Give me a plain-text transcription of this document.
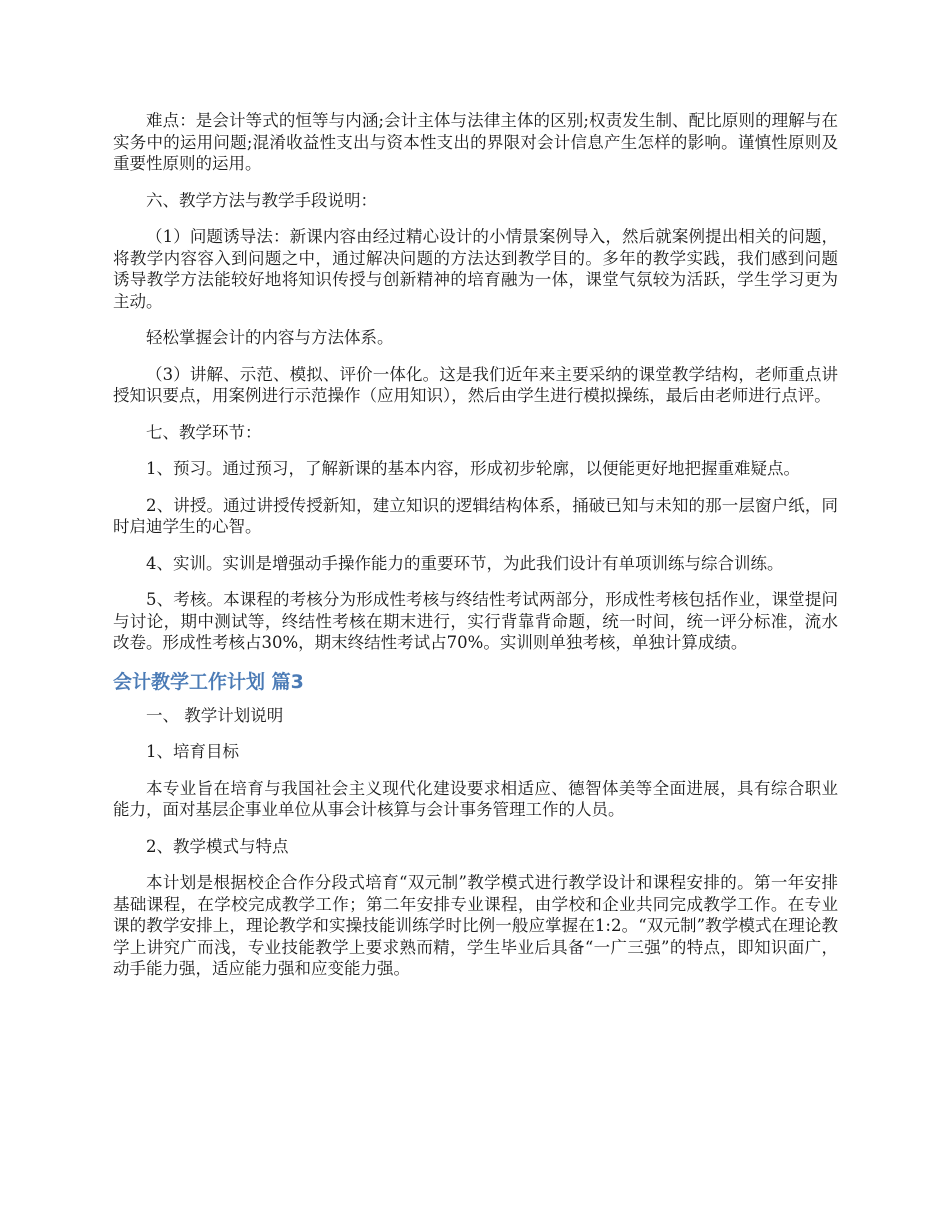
难点：是会计等式的恒等与内涵;会计主体与法律主体的区别;权责发生制、配比原则的理解与在实务中的运用问题;混淆收益性支出与资本性支出的界限对会计信息产生怎样的影响。谨慎性原则及重要性原则的运用。

六、教学方法与教学手段说明：

（1）问题诱导法：新课内容由经过精心设计的小情景案例导入，然后就案例提出相关的问题，将教学内容容入到问题之中，通过解决问题的方法达到教学目的。多年的教学实践，我们感到问题诱导教学方法能较好地将知识传授与创新精神的培育融为一体，课堂气氛较为活跃，学生学习更为主动。

轻松掌握会计的内容与方法体系。

（3）讲解、示范、模拟、评价一体化。这是我们近年来主要采纳的课堂教学结构，老师重点讲授知识要点，用案例进行示范操作（应用知识），然后由学生进行模拟操练，最后由老师进行点评。

七、教学环节：

1、预习。通过预习，了解新课的基本内容，形成初步轮廓，以便能更好地把握重难疑点。

2、讲授。通过讲授传授新知，建立知识的逻辑结构体系，捅破已知与未知的那一层窗户纸，同时启迪学生的心智。

4、实训。实训是增强动手操作能力的重要环节，为此我们设计有单项训练与综合训练。

5、考核。本课程的考核分为形成性考核与终结性考试两部分，形成性考核包括作业，课堂提问与讨论，期中测试等，终结性考核在期末进行，实行背靠背命题，统一时间，统一评分标准，流水改卷。形成性考核占30%，期末终结性考试占70%。实训则单独考核，单独计算成绩。

会计教学工作计划 篇3

一、 教学计划说明

1、培育目标

本专业旨在培育与我国社会主义现代化建设要求相适应、德智体美等全面进展，具有综合职业能力，面对基层企事业单位从事会计核算与会计事务管理工作的人员。

2、教学模式与特点

本计划是根据校企合作分段式培育“双元制”教学模式进行教学设计和课程安排的。第一年安排基础课程，在学校完成教学工作；第二年安排专业课程，由学校和企业共同完成教学工作。在专业课的教学安排上，理论教学和实操技能训练学时比例一般应掌握在1:2。“双元制”教学模式在理论教学上讲究广而浅，专业技能教学上要求熟而精，学生毕业后具备“一广三强”的特点，即知识面广，动手能力强，适应能力强和应变能力强。
